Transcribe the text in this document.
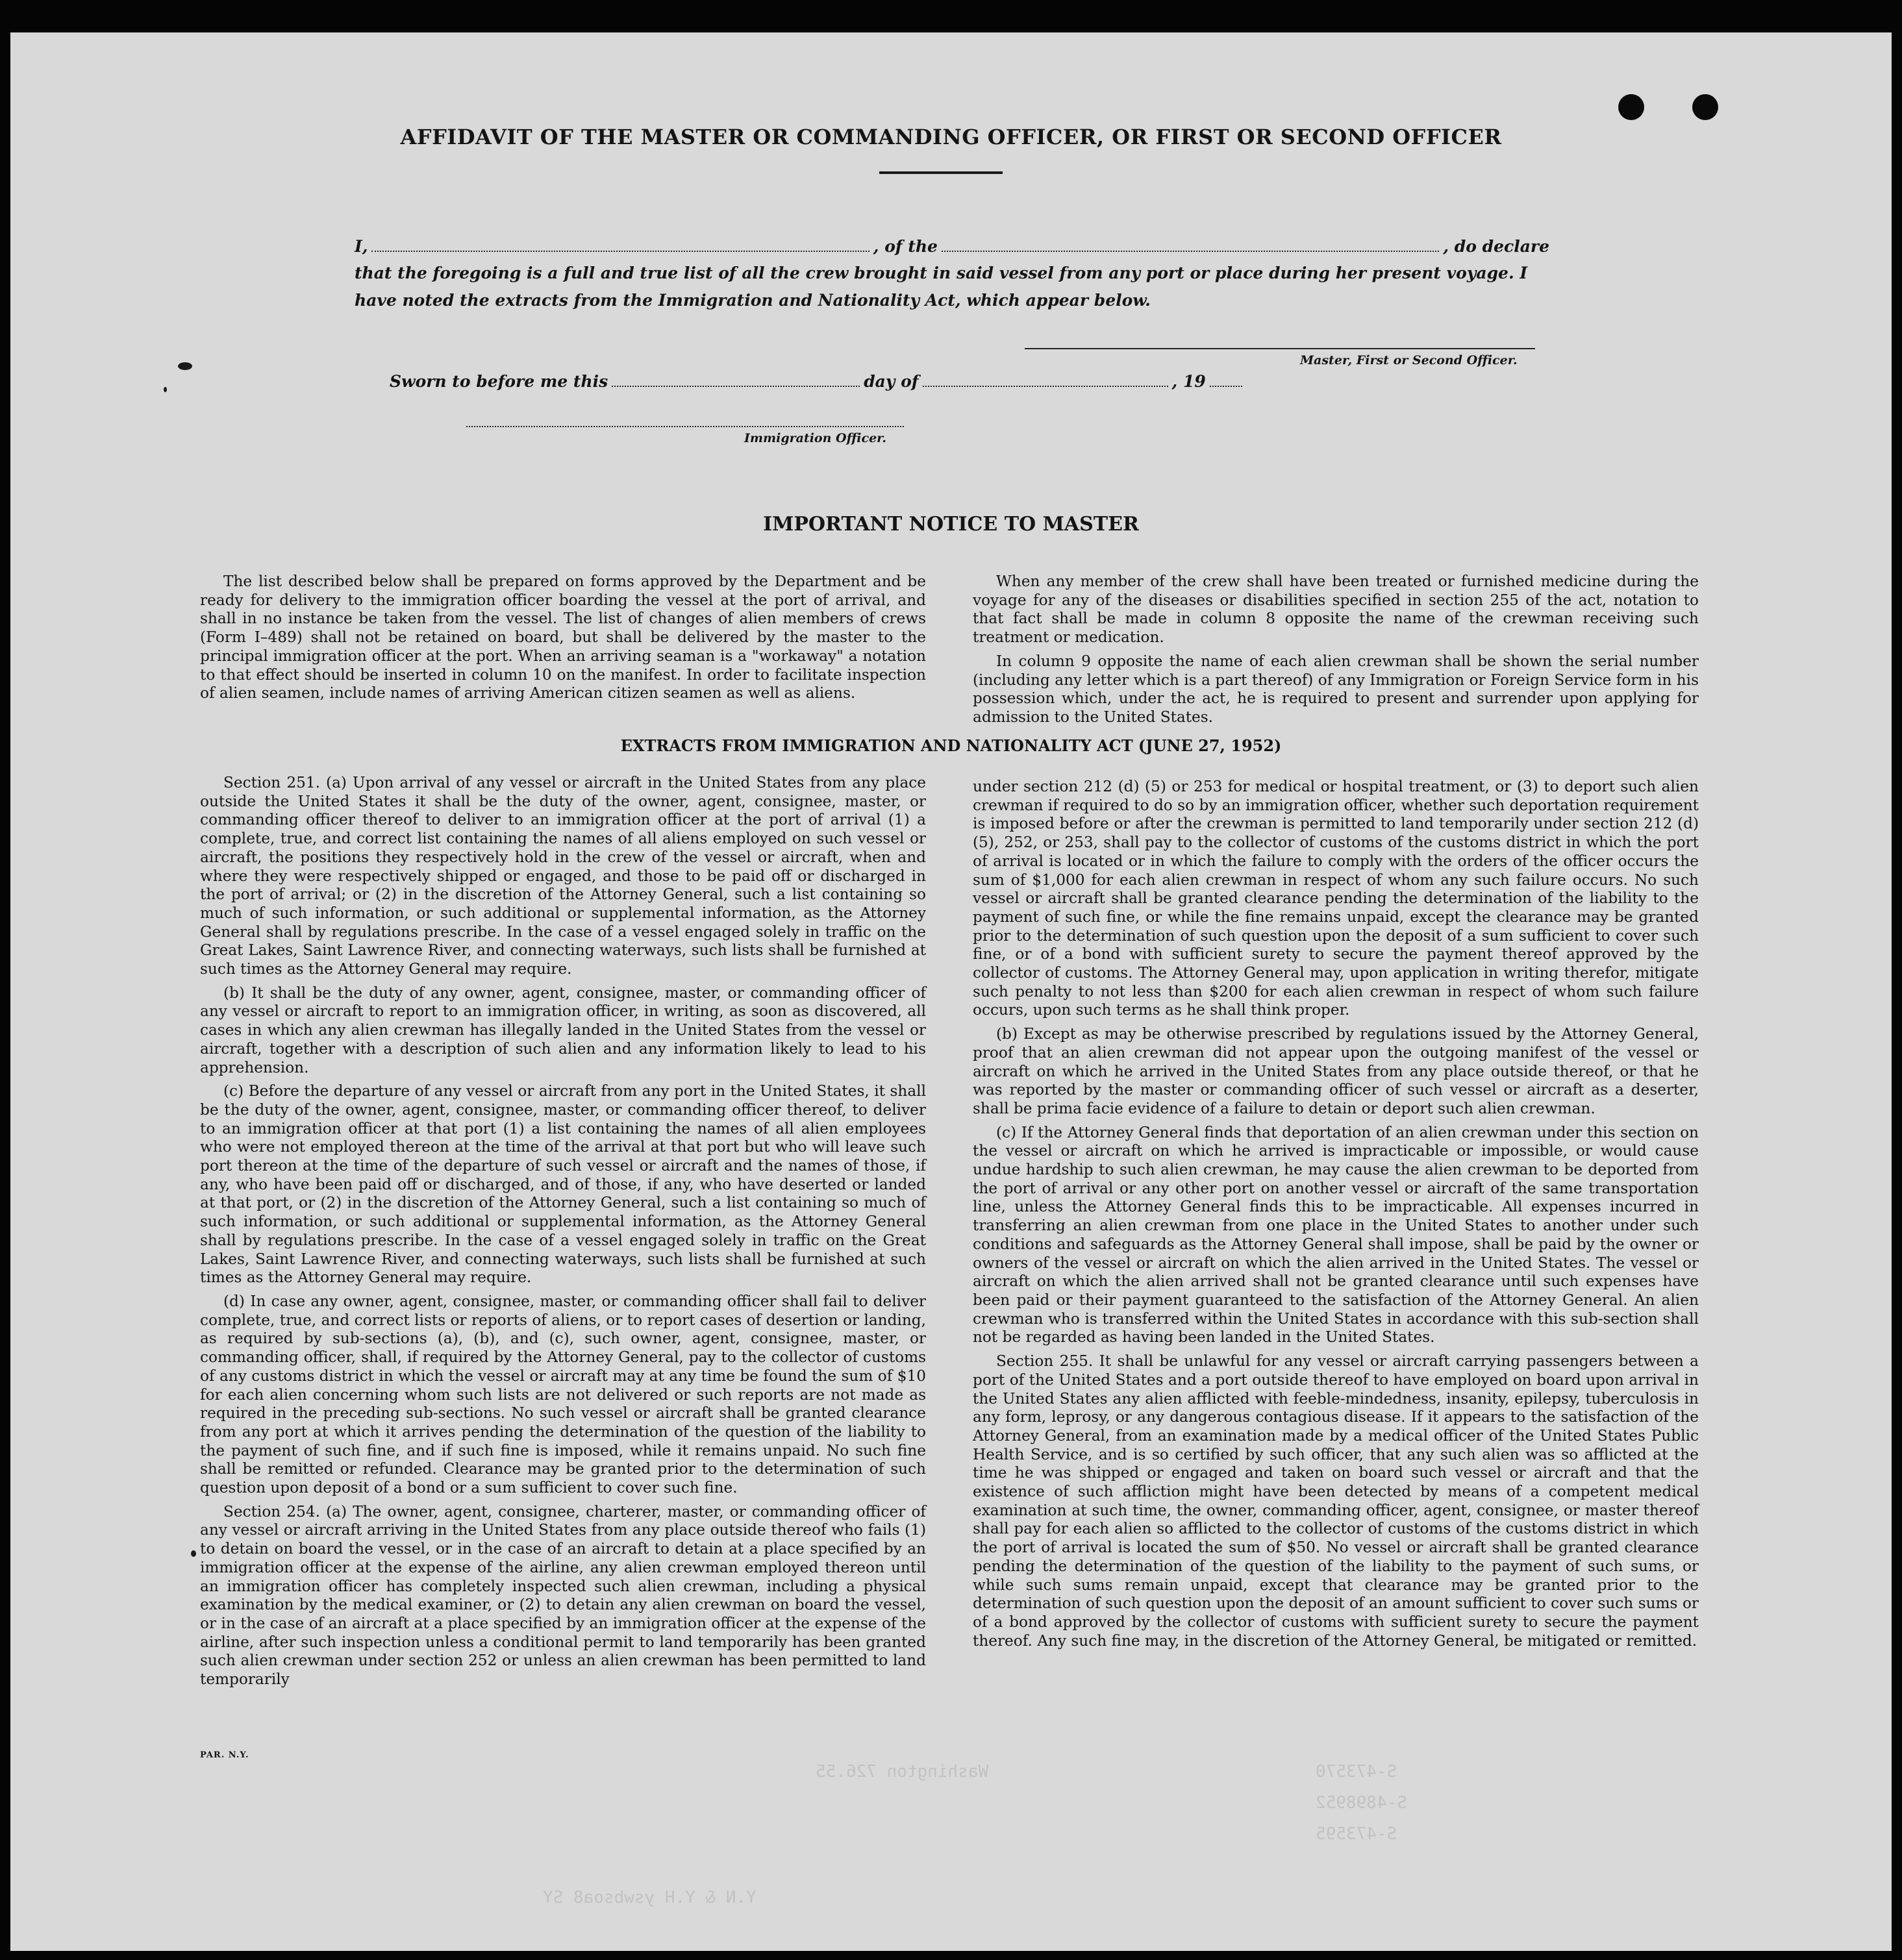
AFFIDAVIT OF THE MASTER OR COMMANDING OFFICER, OR FIRST OR SECOND OFFICER
I,	, of the	, do declare
that the foregoing is a full and true list of all the crew brought in said vessel from any port or place during her present voyage. I have noted the extracts from the Immigration and Nationality Act, which appear below.
Master, First or Second Officer.
Sworn to before me this	day of	, 19
Immigration Officer.
IMPORTANT NOTICE TO MASTER

The list described below shall be prepared on forms approved by the Department and be ready for delivery to the immigration officer boarding the vessel at the port of arrival, and shall in no instance be taken from the vessel. The list of changes of alien members of crews (Form I–489) shall not be retained on board, but shall be delivered by the master to the principal immigration officer at the port. When an arriving seaman is a "workaway" a notation to that effect should be inserted in column 10 on the manifest. In order to facilitate inspection of alien seamen, include names of arriving American citizen seamen as well as aliens.

When any member of the crew shall have been treated or furnished medicine during the voyage for any of the diseases or disabilities specified in section 255 of the act, notation to that fact shall be made in column 8 opposite the name of the crewman receiving such treatment or medication.

In column 9 opposite the name of each alien crewman shall be shown the serial number (including any letter which is a part thereof) of any Immigration or Foreign Service form in his possession which, under the act, he is required to present and surrender upon applying for admission to the United States.

EXTRACTS FROM IMMIGRATION AND NATIONALITY ACT (JUNE 27, 1952)

Section 251. (a) Upon arrival of any vessel or aircraft in the United States from any place outside the United States it shall be the duty of the owner, agent, consignee, master, or commanding officer thereof to deliver to an immigration officer at the port of arrival (1) a complete, true, and correct list containing the names of all aliens employed on such vessel or aircraft, the positions they respectively hold in the crew of the vessel or aircraft, when and where they were respectively shipped or engaged, and those to be paid off or discharged in the port of arrival; or (2) in the discretion of the Attorney General, such a list containing so much of such information, or such additional or supplemental information, as the Attorney General shall by regulations prescribe. In the case of a vessel engaged solely in traffic on the Great Lakes, Saint Lawrence River, and connecting waterways, such lists shall be furnished at such times as the Attorney General may require.

(b) It shall be the duty of any owner, agent, consignee, master, or commanding officer of any vessel or aircraft to report to an immigration officer, in writing, as soon as discovered, all cases in which any alien crewman has illegally landed in the United States from the vessel or aircraft, together with a description of such alien and any information likely to lead to his apprehension.

(c) Before the departure of any vessel or aircraft from any port in the United States, it shall be the duty of the owner, agent, consignee, master, or commanding officer thereof, to deliver to an immigration officer at that port (1) a list containing the names of all alien employees who were not employed thereon at the time of the arrival at that port but who will leave such port thereon at the time of the departure of such vessel or aircraft and the names of those, if any, who have been paid off or discharged, and of those, if any, who have deserted or landed at that port, or (2) in the discretion of the Attorney General, such a list containing so much of such information, or such additional or supplemental information, as the Attorney General shall by regulations prescribe. In the case of a vessel engaged solely in traffic on the Great Lakes, Saint Lawrence River, and connecting waterways, such lists shall be furnished at such times as the Attorney General may require.

(d) In case any owner, agent, consignee, master, or commanding officer shall fail to deliver complete, true, and correct lists or reports of aliens, or to report cases of desertion or landing, as required by sub-sections (a), (b), and (c), such owner, agent, consignee, master, or commanding officer, shall, if required by the Attorney General, pay to the collector of customs of any customs district in which the vessel or aircraft may at any time be found the sum of $10 for each alien concerning whom such lists are not delivered or such reports are not made as required in the preceding sub-sections. No such vessel or aircraft shall be granted clearance from any port at which it arrives pending the determination of the question of the liability to the payment of such fine, and if such fine is imposed, while it remains unpaid. No such fine shall be remitted or refunded. Clearance may be granted prior to the determination of such question upon deposit of a bond or a sum sufficient to cover such fine.

Section 254. (a) The owner, agent, consignee, charterer, master, or commanding officer of any vessel or aircraft arriving in the United States from any place outside thereof who fails (1) to detain on board the vessel, or in the case of an aircraft to detain at a place specified by an immigration officer at the expense of the airline, any alien crewman employed thereon until an immigration officer has completely inspected such alien crewman, including a physical examination by the medical examiner, or (2) to detain any alien crewman on board the vessel, or in the case of an aircraft at a place specified by an immigration officer at the expense of the airline, after such inspection unless a conditional permit to land temporarily has been granted such alien crewman under section 252 or unless an alien crewman has been permitted to land temporarily

under section 212 (d) (5) or 253 for medical or hospital treatment, or (3) to deport such alien crewman if required to do so by an immigration officer, whether such deportation requirement is imposed before or after the crewman is permitted to land temporarily under section 212 (d) (5), 252, or 253, shall pay to the collector of customs of the customs district in which the port of arrival is located or in which the failure to comply with the orders of the officer occurs the sum of $1,000 for each alien crewman in respect of whom any such failure occurs. No such vessel or aircraft shall be granted clearance pending the determination of the liability to the payment of such fine, or while the fine remains unpaid, except the clearance may be granted prior to the determination of such question upon the deposit of a sum sufficient to cover such fine, or of a bond with sufficient surety to secure the payment thereof approved by the collector of customs. The Attorney General may, upon application in writing therefor, mitigate such penalty to not less than $200 for each alien crewman in respect of whom such failure occurs, upon such terms as he shall think proper.

(b) Except as may be otherwise prescribed by regulations issued by the Attorney General, proof that an alien crewman did not appear upon the outgoing manifest of the vessel or aircraft on which he arrived in the United States from any place outside thereof, or that he was reported by the master or commanding officer of such vessel or aircraft as a deserter, shall be prima facie evidence of a failure to detain or deport such alien crewman.

(c) If the Attorney General finds that deportation of an alien crewman under this section on the vessel or aircraft on which he arrived is impracticable or impossible, or would cause undue hardship to such alien crewman, he may cause the alien crewman to be deported from the port of arrival or any other port on another vessel or aircraft of the same transportation line, unless the Attorney General finds this to be impracticable. All expenses incurred in transferring an alien crewman from one place in the United States to another under such conditions and safeguards as the Attorney General shall impose, shall be paid by the owner or owners of the vessel or aircraft on which the alien arrived in the United States. The vessel or aircraft on which the alien arrived shall not be granted clearance until such expenses have been paid or their payment guaranteed to the satisfaction of the Attorney General. An alien crewman who is transferred within the United States in accordance with this sub-section shall not be regarded as having been landed in the United States.

Section 255. It shall be unlawful for any vessel or aircraft carrying passengers between a port of the United States and a port outside thereof to have employed on board upon arrival in the United States any alien afflicted with feeble-mindedness, insanity, epilepsy, tuberculosis in any form, leprosy, or any dangerous contagious disease. If it appears to the satisfaction of the Attorney General, from an examination made by a medical officer of the United States Public Health Service, and is so certified by such officer, that any such alien was so afflicted at the time he was shipped or engaged and taken on board such vessel or aircraft and that the existence of such affliction might have been detected by means of a competent medical examination at such time, the owner, commanding officer, agent, consignee, or master thereof shall pay for each alien so afflicted to the collector of customs of the customs district in which the port of arrival is located the sum of $50. No vessel or aircraft shall be granted clearance pending the determination of the question of the liability to the payment of such sums, or while such sums remain unpaid, except that clearance may be granted prior to the determination of such question upon the deposit of an amount sufficient to cover such sums or of a bond approved by the collector of customs with sufficient surety to secure the payment thereof. Any such fine may, in the discretion of the Attorney General, be mitigated or remitted.

PAR. N.Y.
S-473570
S-4898952
S-473595
Washington 726.55
Y.N & Y.H yswbsoa8 SY
